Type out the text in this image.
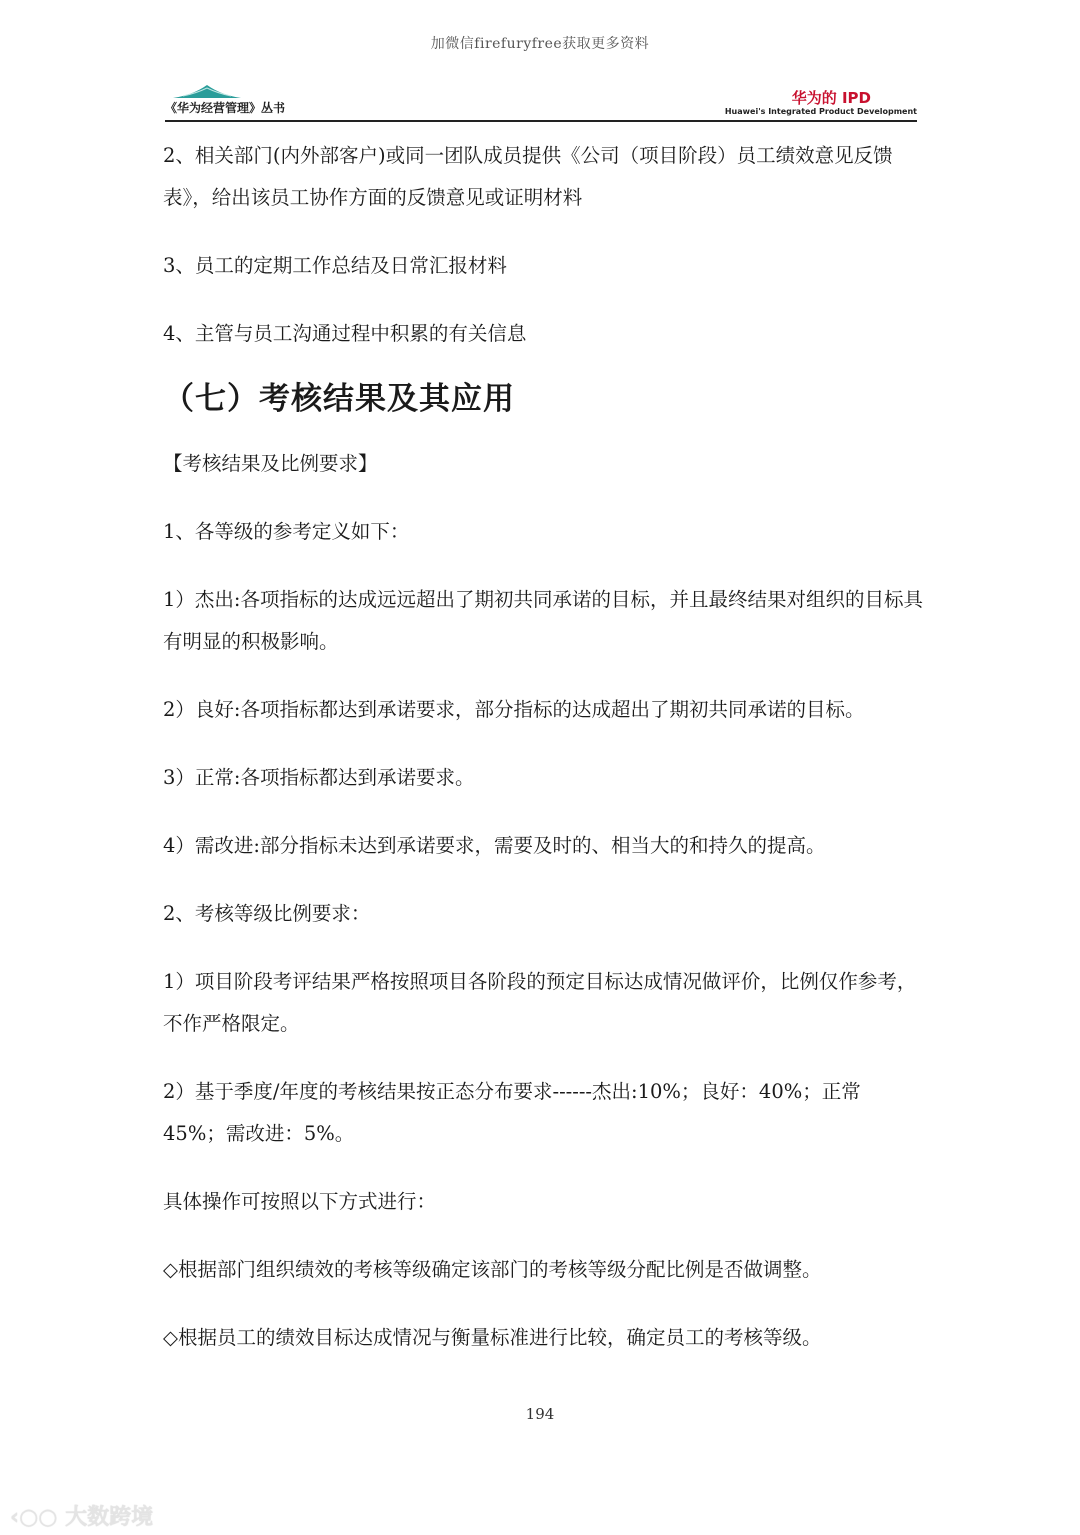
加微信firefuryfree获取更多资料
《华为经营管理》丛书
华为的 IPD
Huawei's Integrated Product Development

2、相关部门(内外部客户)或同一团队成员提供《公司（项目阶段）员工绩效意见反馈表》，给出该员工协作方面的反馈意见或证明材料

3、员工的定期工作总结及日常汇报材料

4、主管与员工沟通过程中积累的有关信息

（七）考核结果及其应用

【考核结果及比例要求】

1、各等级的参考定义如下：

1）杰出:各项指标的达成远远超出了期初共同承诺的目标，并且最终结果对组织的目标具有明显的积极影响。

2）良好:各项指标都达到承诺要求，部分指标的达成超出了期初共同承诺的目标。

3）正常:各项指标都达到承诺要求。

4）需改进:部分指标未达到承诺要求，需要及时的、相当大的和持久的提高。

2、考核等级比例要求：

1）项目阶段考评结果严格按照项目各阶段的预定目标达成情况做评价，比例仅作参考，不作严格限定。

2）基于季度/年度的考核结果按正态分布要求------杰出:10%；良好：40%；正常45%；需改进：5%。

具体操作可按照以下方式进行：

◇根据部门组织绩效的考核等级确定该部门的考核等级分配比例是否做调整。

◇根据员工的绩效目标达成情况与衡量标准进行比较，确定员工的考核等级。

194
‹○○ 大数跨境
